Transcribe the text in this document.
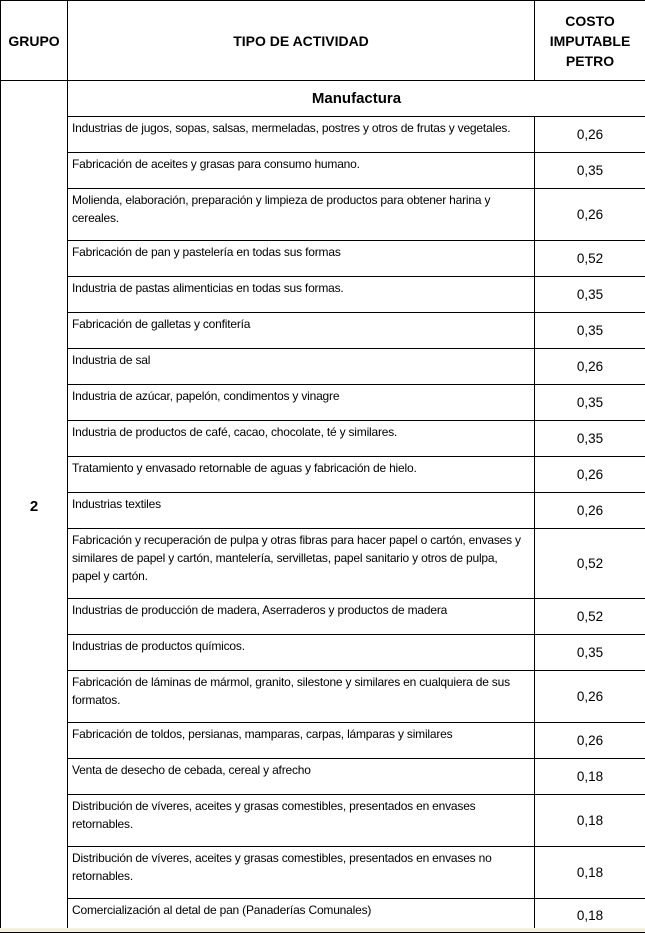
GRUPO	TIPO DE ACTIVIDAD	COSTO
IMPUTABLE
PETRO

2	Manufactura	
	Industrias de jugos, sopas, salsas, mermeladas, postres y otros de frutas y vegetales.	0,26
	Fabricación de aceites y grasas para consumo humano.	0,35
	Molienda, elaboración, preparación y limpieza de productos para obtener harina y cereales.	0,26
	Fabricación de pan y pastelería en todas sus formas	0,52
	Industria de pastas alimenticias en todas sus formas.	0,35
	Fabricación de galletas y confitería	0,35
	Industria de sal	0,26
	Industria de azúcar, papelón, condimentos y vinagre	0,35
	Industria de productos de café, cacao, chocolate, té y similares.	0,35
	Tratamiento y envasado retornable de aguas y fabricación de hielo.	0,26
	Industrias textiles	0,26
	Fabricación y recuperación de pulpa y otras fibras para hacer papel o cartón, envases y similares de papel y cartón, mantelería, servilletas, papel sanitario y otros de pulpa, papel y cartón.	0,52
	Industrias de producción de madera, Aserraderos y productos de madera	0,52
	Industrias de productos químicos.	0,35
	Fabricación de láminas de mármol, granito, silestone y similares en cualquiera de sus formatos.	0,26
	Fabricación de toldos, persianas, mamparas, carpas, lámparas y similares	0,26
	Venta de desecho de cebada, cereal y afrecho	0,18
	Distribución de víveres, aceites y grasas comestibles, presentados en envases retornables.	0,18
	Distribución de víveres, aceites y grasas comestibles, presentados en envases no retornables.	0,18
	Comercialización al detal de pan (Panaderías Comunales)	0,18
